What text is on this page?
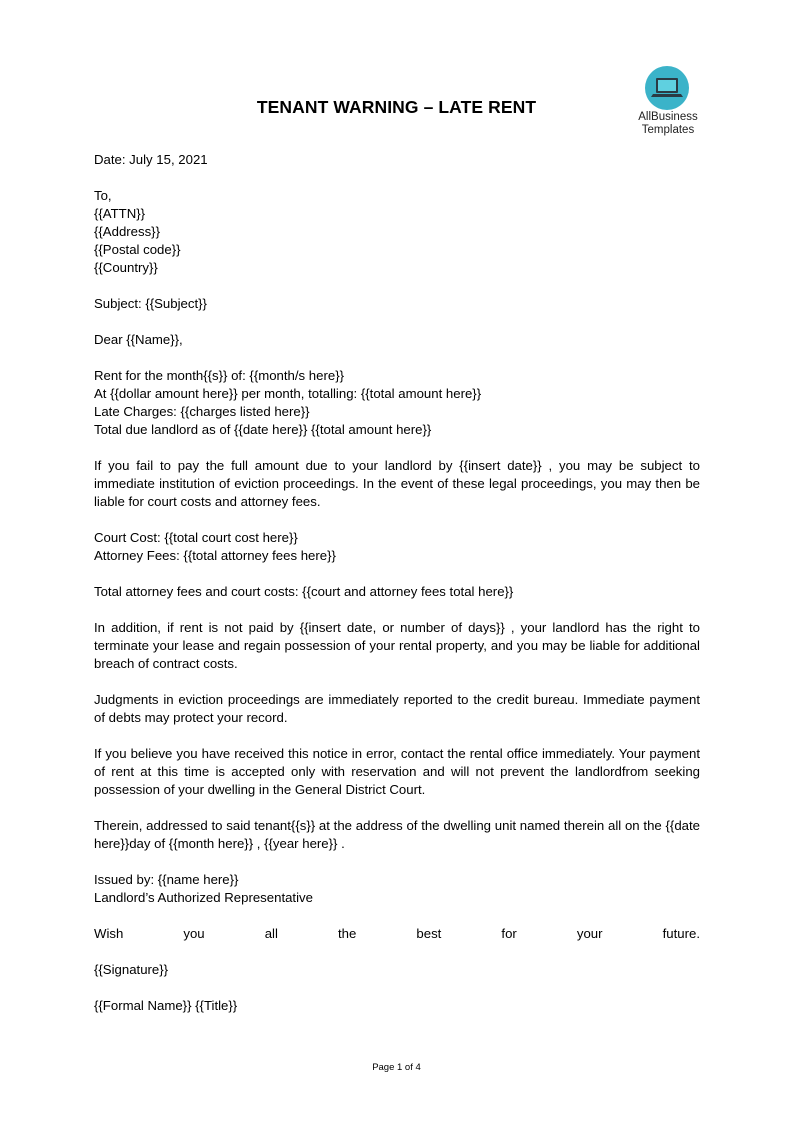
TENANT WARNING – LATE RENT	AllBusiness
Templates
Date: July 15, 2021
To,
{{ATTN}}
{{Address}}
{{Postal code}}
{{Country}}
Subject: {{Subject}}
Dear {{Name}},
Rent for the month{{s}} of: {{month/s here}}
At {{dollar amount here}} per month, totalling: {{total amount here}}
Late Charges: {{charges listed here}}
Total due landlord as of {{date here}} {{total amount here}}
If you fail to pay the full amount due to your landlord by {{insert date}} , you may be subject to immediate institution of eviction proceedings. In the event of these legal proceedings, you may then be liable for court costs and attorney fees.
Court Cost: {{total court cost here}}
Attorney Fees: {{total attorney fees here}}
Total attorney fees and court costs: {{court and attorney fees total here}}
In addition, if rent is not paid by {{insert date, or number of days}} , your landlord has the right to terminate your lease and regain possession of your rental property, and you may be liable for additional breach of contract costs.
Judgments in eviction proceedings are immediately reported to the credit bureau. Immediate payment of debts may protect your record.
If you believe you have received this notice in error, contact the rental office immediately. Your payment of rent at this time is accepted only with reservation and will not prevent the landlordfrom seeking possession of your dwelling in the General District Court.
Therein, addressed to said tenant{{s}} at the address of the dwelling unit named therein all on the {{date here}}day of {{month here}} , {{year here}} .
Issued by: {{name here}}
Landlord’s Authorized Representative
Wish you all the best for your future.
{{Signature}}
{{Formal Name}} {{Title}}
Page 1 of 4
